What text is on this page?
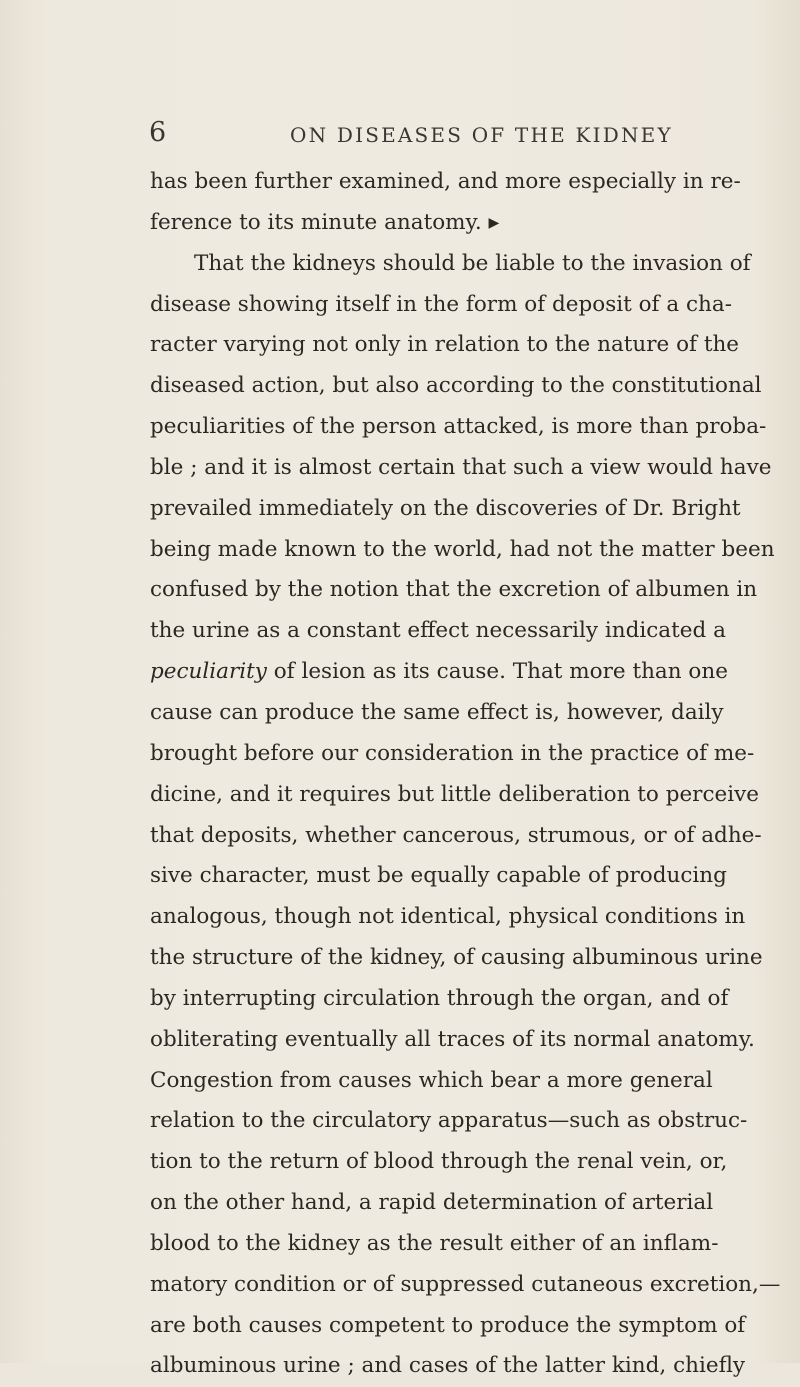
6	ON DISEASES OF THE KIDNEY
has been further examined, and more especially in re-
ference to its minute anatomy. ▸
That the kidneys should be liable to the invasion of
disease showing itself in the form of deposit of a cha-
racter varying not only in relation to the nature of the
diseased action, but also according to the constitutional
peculiarities of the person attacked, is more than proba-
ble ; and it is almost certain that such a view would have
prevailed immediately on the discoveries of Dr. Bright
being made known to the world, had not the matter been
confused by the notion that the excretion of albumen in
the urine as a constant effect necessarily indicated a
peculiarity of lesion as its cause. That more than one
cause can produce the same effect is, however, daily
brought before our consideration in the practice of me-
dicine, and it requires but little deliberation to perceive
that deposits, whether cancerous, strumous, or of adhe-
sive character, must be equally capable of producing
analogous, though not identical, physical conditions in
the structure of the kidney, of causing albuminous urine
by interrupting circulation through the organ, and of
obliterating eventually all traces of its normal anatomy.
Congestion from causes which bear a more general
relation to the circulatory apparatus—such as obstruc-
tion to the return of blood through the renal vein, or,
on the other hand, a rapid determination of arterial
blood to the kidney as the result either of an inflam-
matory condition or of suppressed cutaneous excretion,—
are both causes competent to produce the symptom of
albuminous urine ; and cases of the latter kind, chiefly
